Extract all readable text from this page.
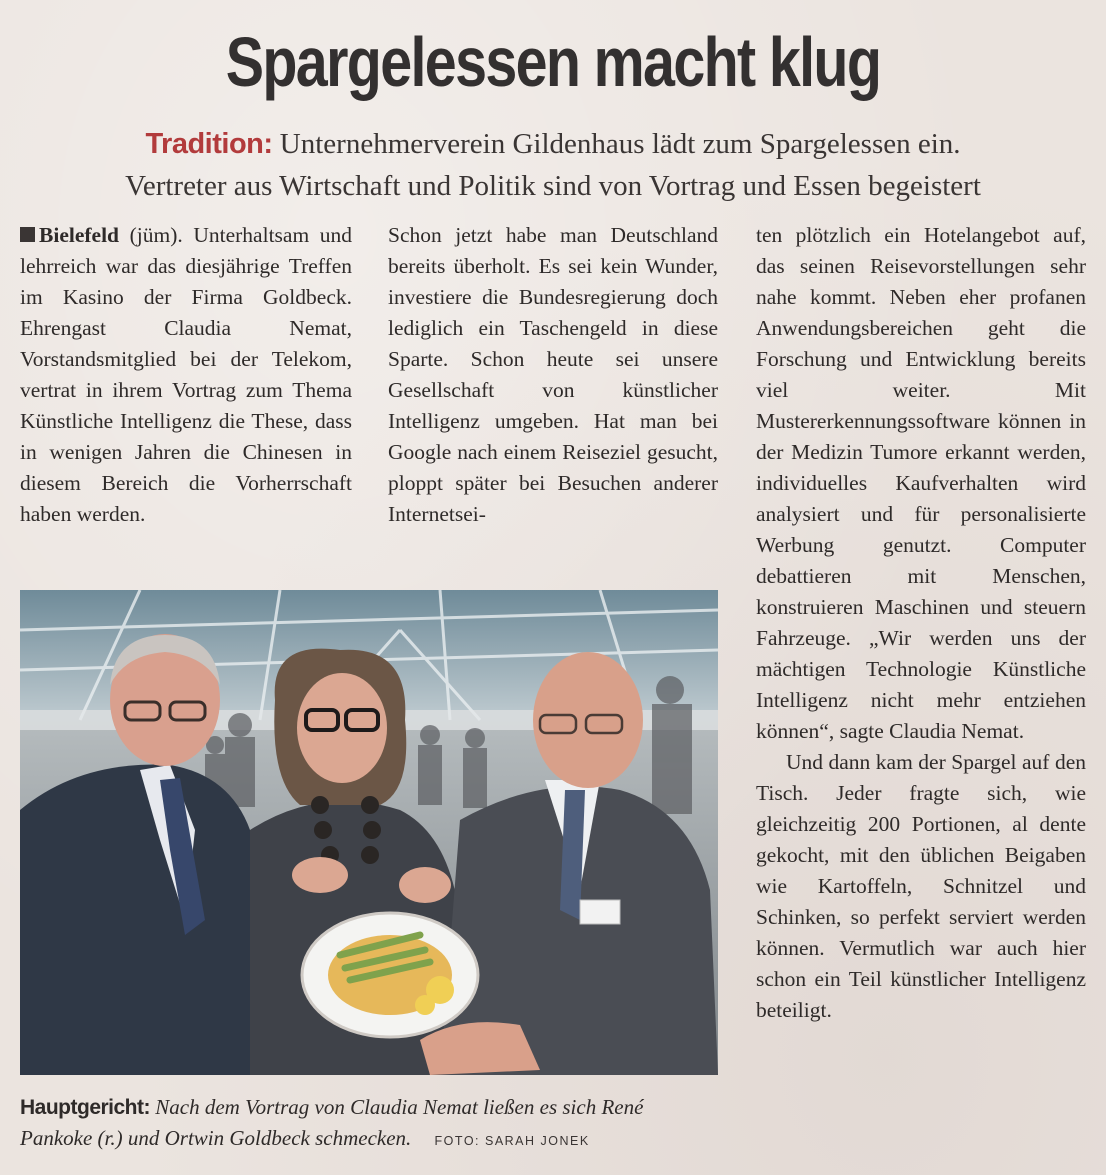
Spargelessen macht klug
Tradition: Unternehmerverein Gildenhaus lädt zum Spargelessen ein.
Vertreter aus Wirtschaft und Politik sind von Vortrag und Essen begeistert

Bielefeld (jüm). Unterhaltsam und lehrreich war das diesjährige Treffen im Kasino der Firma Goldbeck. Ehrengast Claudia Nemat, Vorstandsmitglied bei der Telekom, vertrat in ihrem Vortrag zum Thema Künstliche Intelligenz die These, dass in wenigen Jahren die Chinesen in diesem Bereich die Vorherrschaft haben werden.

Schon jetzt habe man Deutschland bereits überholt. Es sei kein Wunder, investiere die Bundesregierung doch lediglich ein Taschengeld in diese Sparte. Schon heute sei unsere Gesellschaft von künstlicher Intelligenz umgeben. Hat man bei Google nach einem Reiseziel gesucht, ploppt später bei Besuchen anderer Internetsei-

ten plötzlich ein Hotelangebot auf, das seinen Reisevorstellungen sehr nahe kommt. Neben eher profanen Anwendungsbereichen geht die Forschung und Entwicklung bereits viel weiter. Mit Mustererkennungssoftware können in der Medizin Tumore erkannt werden, individuelles Kaufverhalten wird analysiert und für personalisierte Werbung genutzt. Computer debattieren mit Menschen, konstruieren Maschinen und steuern Fahrzeuge. „Wir werden uns der mächtigen Technologie Künstliche Intelligenz nicht mehr entziehen können“, sagte Claudia Nemat.

Und dann kam der Spargel auf den Tisch. Jeder fragte sich, wie gleichzeitig 200 Portionen, al dente gekocht, mit den üblichen Beigaben wie Kartoffeln, Schnitzel und Schinken, so perfekt serviert werden können. Vermutlich war auch hier schon ein Teil künstlicher Intelligenz beteiligt.

Hauptgericht: Nach dem Vortrag von Claudia Nemat ließen es sich René Pankoke (r.) und Ortwin Goldbeck schmecken. FOTO: SARAH JONEK
